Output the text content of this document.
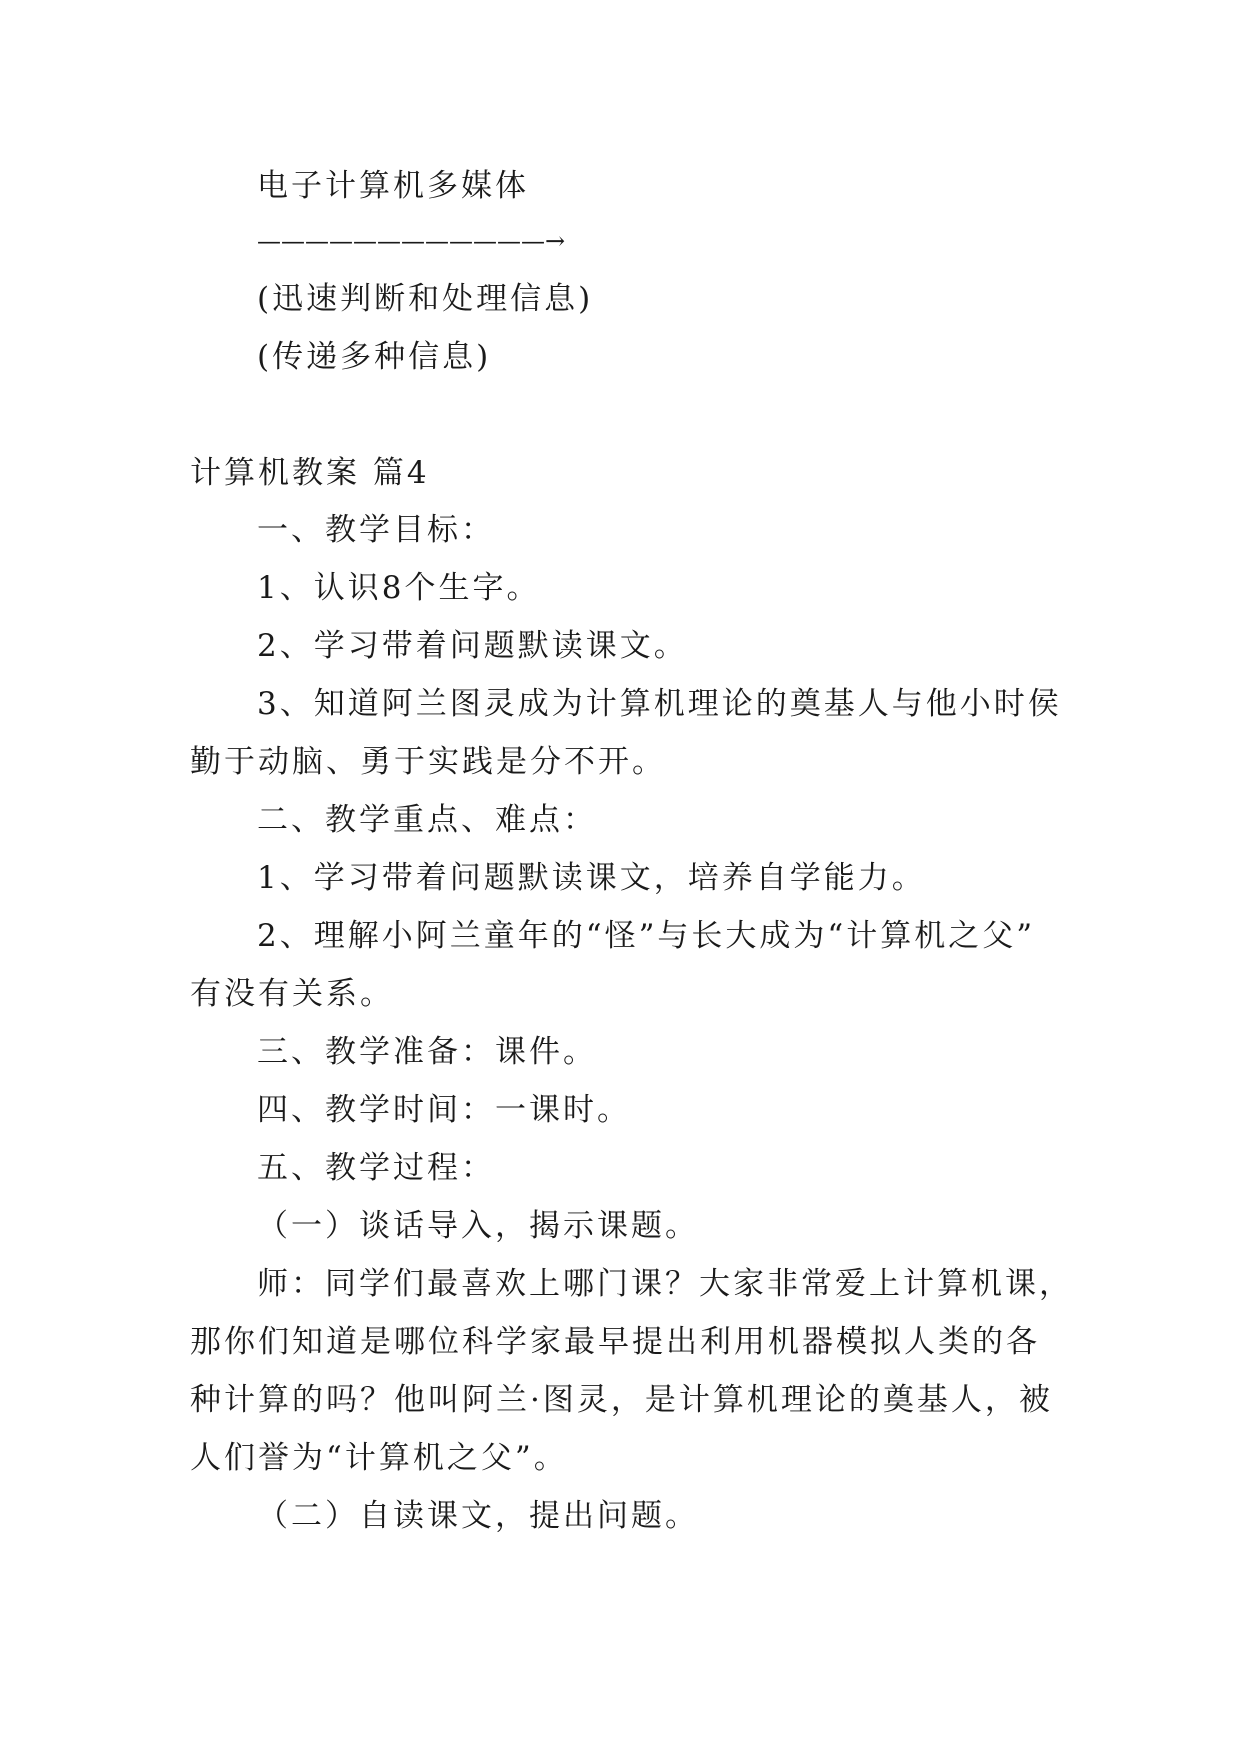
电子计算机多媒体
————————————→
(迅速判断和处理信息)
(传递多种信息)
计算机教案 篇4
一、教学目标：
1、认识8个生字。
2、学习带着问题默读课文。
3、知道阿兰图灵成为计算机理论的奠基人与他小时侯
勤于动脑、勇于实践是分不开。
二、教学重点、难点：
1、学习带着问题默读课文，培养自学能力。
2、理解小阿兰童年的“怪”与长大成为“计算机之父”
有没有关系。
三、教学准备：课件。
四、教学时间：一课时。
五、教学过程：
（一）谈话导入，揭示课题。
师：同学们最喜欢上哪门课？大家非常爱上计算机课，
那你们知道是哪位科学家最早提出利用机器模拟人类的各
种计算的吗？他叫阿兰·图灵，是计算机理论的奠基人，被
人们誉为“计算机之父”。
（二）自读课文，提出问题。
